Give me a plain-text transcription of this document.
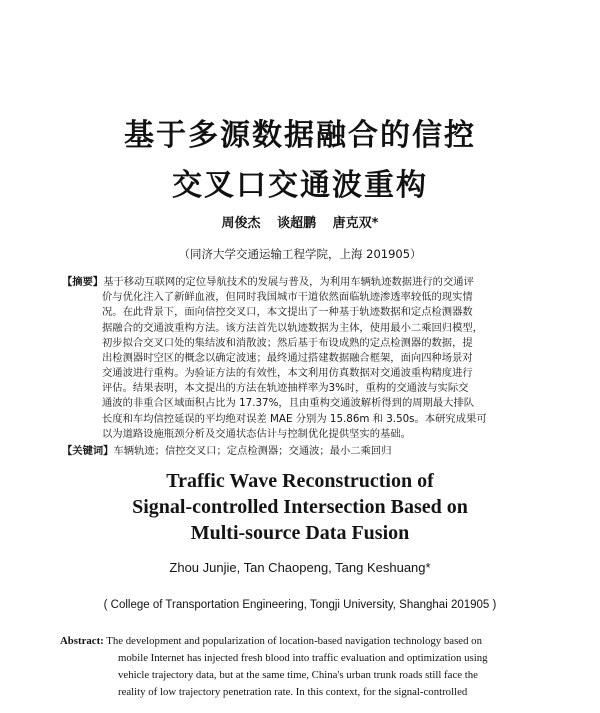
基于多源数据融合的信控
交叉口交通波重构
周俊杰 谈超鹏 唐克双*
（同济大学交通运输工程学院，上海 201905）
【摘要】基于移动互联网的定位导航技术的发展与普及，为利用车辆轨迹数据进行的交通评
价与优化注入了新鲜血液，但同时我国城市干道依然面临轨迹渗透率较低的现实情
况。在此背景下，面向信控交叉口，本文提出了一种基于轨迹数据和定点检测器数
据融合的交通波重构方法。该方法首先以轨迹数据为主体，使用最小二乘回归模型，
初步拟合交叉口处的集结波和消散波；然后基于布设成熟的定点检测器的数据，提
出检测器时空区的概念以确定波速；最终通过搭建数据融合框架，面向四种场景对
交通波进行重构。为验证方法的有效性，本文利用仿真数据对交通波重构精度进行
评估。结果表明，本文提出的方法在轨迹抽样率为3%时，重构的交通波与实际交
通波的非重合区域面积占比为 17.37%，且由重构交通波解析得到的周期最大排队
长度和车均信控延误的平均绝对误差 MAE 分别为 15.86m 和 3.50s。本研究成果可
以为道路设施瓶颈分析及交通状态估计与控制优化提供坚实的基础。
【关键词】车辆轨迹；信控交叉口；定点检测器；交通波；最小二乘回归
Traffic Wave Reconstruction of
Signal-controlled Intersection Based on
Multi-source Data Fusion
Zhou Junjie, Tan Chaopeng, Tang Keshuang*
( College of Transportation Engineering, Tongji University, Shanghai 201905 )
Abstract: The development and popularization of location-based navigation technology based on
mobile Internet has injected fresh blood into traffic evaluation and optimization using
vehicle trajectory data, but at the same time, China's urban trunk roads still face the
reality of low trajectory penetration rate. In this context, for the signal-controlled
